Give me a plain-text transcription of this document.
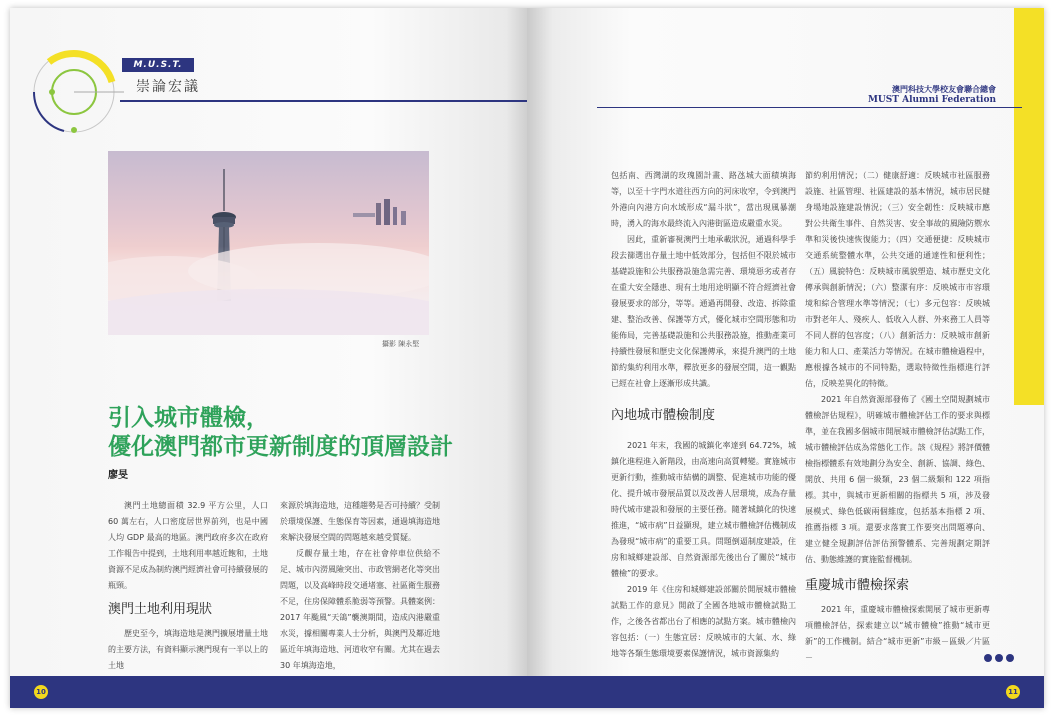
M.U.S.T.
崇論宏議
攝影 陳永堅
引入城市體檢，
優化澳門都市更新制度的頂層設計
廖旻

澳門土地總面積 32.9 平方公里，人口 60 萬左右，人口密度居世界前列，也是中國人均 GDP 最高的地區。澳門政府多次在政府工作報告中提到，土地利用率越近飽和，土地資源不足成為制約澳門經濟社會可持續發展的瓶頸。

澳門土地利用現狀

歷史至今，填海造地是澳門擴展增量土地的主要方法，有資料顯示澳門現有一半以上的土地

來源於填海造地，這種趨勢是否可持續？受制於環境保護、生態保育等因素，通過填海造地來解決發展空間的問題越來越受質疑。

反觀存量土地，存在社會停車位供給不足、城市內澇風險突出、市政管網老化等突出問題，以及高峰時段交通堵塞、社區衛生服務不足，住房保障體系脆弱等預警。具體案例：2017 年颱風“天鴿”襲澳期間，造成內港嚴重水災，據相關專業人士分析，與澳門及鄰近地區近年填海造地、河道收窄有關。尤其在過去 30 年填海造地，

10
澳門科技大學校友會聯合總會
MUST Alumni Federation

包括南、西灣湖的玫瑰園計畫、路氹城大面積填海等，以至十字門水道往西方向的河床收窄，令到澳門外港向內港方向水域形成“漏斗狀”，當出現風暴潮時，湧入的海水最終流入內港街區造成嚴重水災。

因此，重新審視澳門土地承載狀況，通過科學手段去篩選出存量土地中低效部分，包括但不限於城市基礎設施和公共服務設施急需完善、環境惡劣或者存在重大安全隱患、現有土地用途明顯不符合經濟社會發展要求的部分，等等。通過再開發、改造、拆除重建、整治改善、保護等方式，優化城市空間形態和功能佈局，完善基礎設施和公共服務設施，推動產業可持續性發展和歷史文化保護傳承，來提升澳門的土地節約集約利用水準，釋放更多的發展空間，這一觀點已經在社會上逐漸形成共識。

內地城市體檢制度

2021 年末，我國的城鎮化率達到 64.72%，城鎮化進程進入新階段，由高速向高質轉變。實施城市更新行動，推動城市結構的調整、促進城市功能的優化、提升城市發展品質以及改善人居環境，成為存量時代城市建設和發展的主要任務。隨著城鎮化的快速推進，“城市病”日益顯現，建立城市體檢評估機制成為發現“城市病”的重要工具。問題倒逼制度建設，住房和城鄉建設部、自然資源部先後出台了關於“城市體檢”的要求。

2019 年《住房和城鄉建設部關於開展城市體檢試點工作的意見》開啟了全國各地城市體檢試點工作，之後各省都出台了相應的試點方案。城市體檢內容包括：（一）生態宜居：反映城市的大氣、水、綠地等各類生態環境要素保護情況，城市資源集約

節約利用情況；（二）健康舒適：反映城市社區服務設施、社區管理、社區建設的基本情況，城市居民健身場地設施建設情況；（三）安全韌性：反映城市應對公共衛生事件、自然災害、安全事故的風險防禦水準和災後快速恢復能力；（四）交通便捷：反映城市交通系統整體水準，公共交通的通達性和便利性；（五）風貌特色：反映城市風貌塑造、城市歷史文化傳承與創新情況；（六）整潔有序：反映城市市容環境和綜合管理水準等情況；（七）多元包容：反映城市對老年人、殘疾人、低收入人群、外來務工人員等不同人群的包容度；（八）創新活力：反映城市創新能力和人口、產業活力等情況。在城市體檢過程中，應根據各城市的不同特點，選取特徵性指標進行評估，反映差異化的特徵。

2021 年自然資源部發佈了《國土空間規劃城市體檢評估規程》，明確城市體檢評估工作的要求與標準，並在我國多個城市開展城市體檢評估試點工作，城市體檢評估成為常態化工作。該《規程》將評價體檢指標體系有效地劃分為安全、創新、協調、綠色、開放、共用 6 個一級類，23 個二級類和 122 項指標。其中，與城市更新相關的指標共 5 項，涉及發展模式、綠色低碳兩個維度，包括基本指標 2 項、推薦指標 3 項。還要求落實工作要突出問題導向、建立健全規劃評估評估預警體系、完善規劃定期評估、動態維護的實施監督機制。

重慶城市體檢探索

2021 年，重慶城市體檢探索開展了城市更新專項體檢評估，探索建立以“城市體檢”推動“城市更新”的工作機制。結合“城市更新”市級－區級／片區－

11
